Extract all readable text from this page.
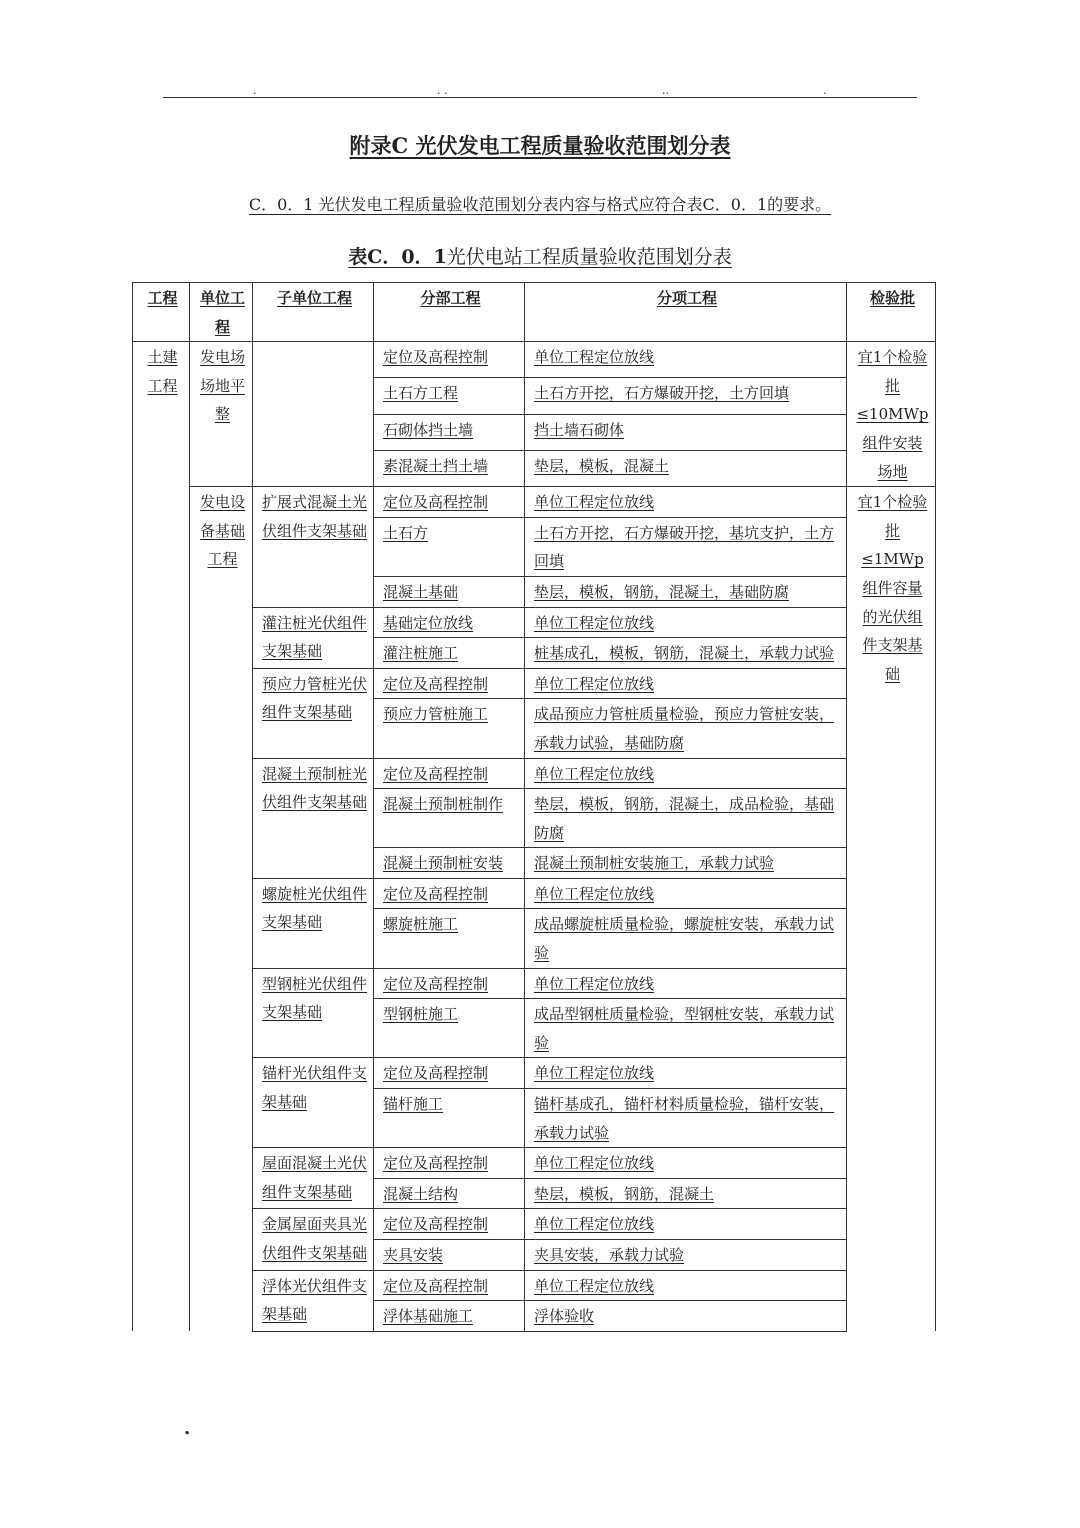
.	. .	..	.
附录C 光伏发电工程质量验收范围划分表
C．0．1 光伏发电工程质量验收范围划分表内容与格式应符合表C．0．1的要求。
表C．0．1光伏电站工程质量验收范围划分表
工程	单位工程	子单位工程	分部工程	分项工程	检验批
土建工程	发电场场地平整		定位及高程控制	单位工程定位放线	宜1个检验批≤10MWp组件安装场地
			土石方工程	土石方开挖，石方爆破开挖，土方回填	
			石砌体挡土墙	挡土墙石砌体	
			素混凝土挡土墙	垫层，模板，混凝土	
	发电设备基础工程	扩展式混凝土光伏组件支架基础	定位及高程控制	单位工程定位放线	宜1个检验批≤1MWp组件容量的光伏组件支架基础
			土石方	土石方开挖，石方爆破开挖，基坑支护，土方回填	
			混凝土基础	垫层，模板，钢筋，混凝土，基础防腐	
		灌注桩光伏组件支架基础	基础定位放线	单位工程定位放线	
			灌注桩施工	桩基成孔，模板，钢筋，混凝土，承载力试验	
		预应力管桩光伏组件支架基础	定位及高程控制	单位工程定位放线	
			预应力管桩施工	成品预应力管桩质量检验，预应力管桩安装，承载力试验，基础防腐	
		混凝土预制桩光伏组件支架基础	定位及高程控制	单位工程定位放线	
			混凝土预制桩制作	垫层，模板，钢筋，混凝土，成品检验，基础防腐	
			混凝土预制桩安装	混凝土预制桩安装施工，承载力试验	
		螺旋桩光伏组件支架基础	定位及高程控制	单位工程定位放线	
			螺旋桩施工	成品螺旋桩质量检验，螺旋桩安装，承载力试验	
		型钢桩光伏组件支架基础	定位及高程控制	单位工程定位放线	
			型钢桩施工	成品型钢桩质量检验，型钢桩安装，承载力试验	
		锚杆光伏组件支架基础	定位及高程控制	单位工程定位放线	
			锚杆施工	锚杆基成孔，锚杆材料质量检验，锚杆安装，承载力试验	
		屋面混凝土光伏组件支架基础	定位及高程控制	单位工程定位放线	
			混凝土结构	垫层，模板，钢筋，混凝土	
		金属屋面夹具光伏组件支架基础	定位及高程控制	单位工程定位放线	
			夹具安装	夹具安装，承载力试验	
		浮体光伏组件支架基础	定位及高程控制	单位工程定位放线	
			浮体基础施工	浮体验收	
.
